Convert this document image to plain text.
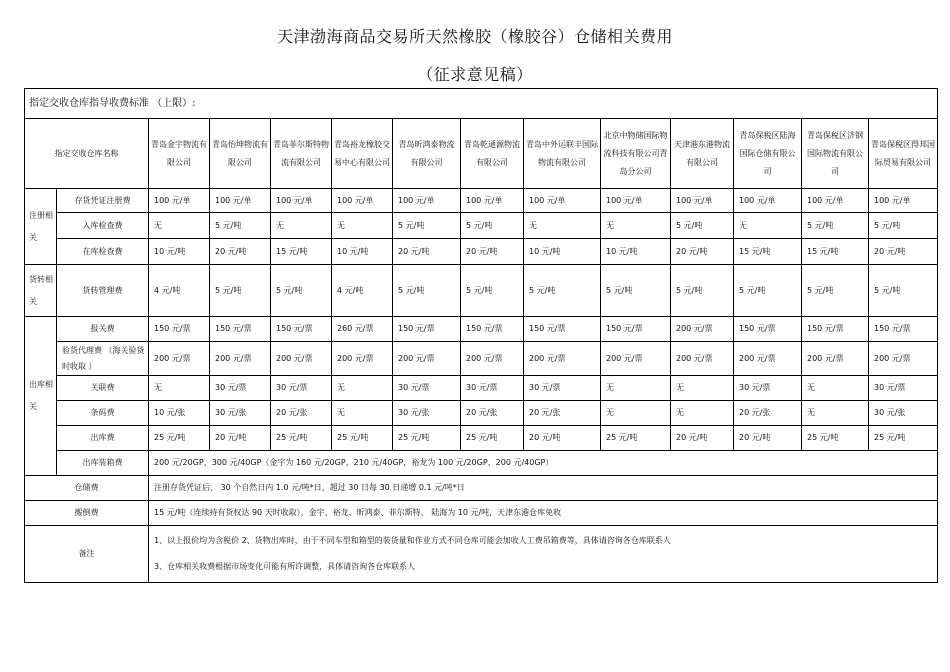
天津渤海商品交易所天然橡胶（橡胶谷）仓储相关费用
（征求意见稿）
指定交收仓库指导收费标准 （上限）:													
指定交收仓库名称		青岛金宇物流有限公司	青岛怡坤物流有限公司	青岛菲尔斯特物流有限公司	青岛裕龙橡胶交易中心有限公司	青岛昕鸿泰物流有限公司	青岛乾通源物流有限公司	青岛中外运联丰国际物流有限公司	北京中物储国际物流科技有限公司青岛分公司	天津港东港物流有限公司	青岛保税区陆海国际仓储有限公司	青岛保税区济钢国际物流有限公司	青岛保税区得邦国际贸易有限公司
注册相关	存货凭证注册费	100 元/单	100 元/单	100 元/单	100 元/单	100 元/单	100 元/单	100 元/单	100 元/单	100 元/单	100 元/单	100 元/单	100 元/单
	入库检查费	无	5 元/吨	无	无	5 元/吨	5 元/吨	无	无	5 元/吨	无	5 元/吨	5 元/吨
	在库检查费	10 元/吨	20 元/吨	15 元/吨	10 元/吨	20 元/吨	20 元/吨	10 元/吨	10 元/吨	20 元/吨	15 元/吨	15 元/吨	20 元/吨
货转相关	货转管理费	4 元/吨	5 元/吨	5 元/吨	4 元/吨	5 元/吨	5 元/吨	5 元/吨	5 元/吨	5 元/吨	5 元/吨	5 元/吨	5 元/吨
出库相关	报关费	150 元/票	150 元/票	150 元/票	260 元/票	150 元/票	150 元/票	150 元/票	150 元/票	200 元/票	150 元/票	150 元/票	150 元/票
	验货代理费 （海关验货时收取 ）	200 元/票	200 元/票	200 元/票	200 元/票	200 元/票	200 元/票	200 元/票	200 元/票	200 元/票	200 元/票	200 元/票	200 元/票
	关联费	无	30 元/票	30 元/票	无	30 元/票	30 元/票	30 元/票	无	无	30 元/票	无	30 元/票
	条码费	10 元/张	30 元/张	20 元/张	无	30 元/张	20 元/张	20 元/张	无	无	20 元/张	无	30 元/张
	出库费	25 元/吨	20 元/吨	25 元/吨	25 元/吨	25 元/吨	25 元/吨	20 元/吨	25 元/吨	20 元/吨	20 元/吨	25 元/吨	25 元/吨
	出库装箱费	200 元/20GP，300 元/40GP（金宇为 160 元/20GP、210 元/40GP，裕龙为 100 元/20GP、200 元/40GP）											
仓储费		注册存货凭证后， 30 个自然日内 1.0 元/吨*日，超过 30 日每 30 日递增 0.1 元/吨*日											
搬倒费		15 元/吨（连续持有货权达 90 天时收取），金宇、裕龙、昕鸿泰、菲尔斯特、 陆海为 10 元/吨，天津东港仓库免收											
备注		1、以上报价均为含税价 2、货物出库时，由于不同车型和箱型的装货量和作业方式不同仓库可能会加收人工费吊箱费等，具体请咨询各仓库联系人
3、仓库相关收费根据市场变化可能有所许调整，具体请咨询各仓库联系人											
